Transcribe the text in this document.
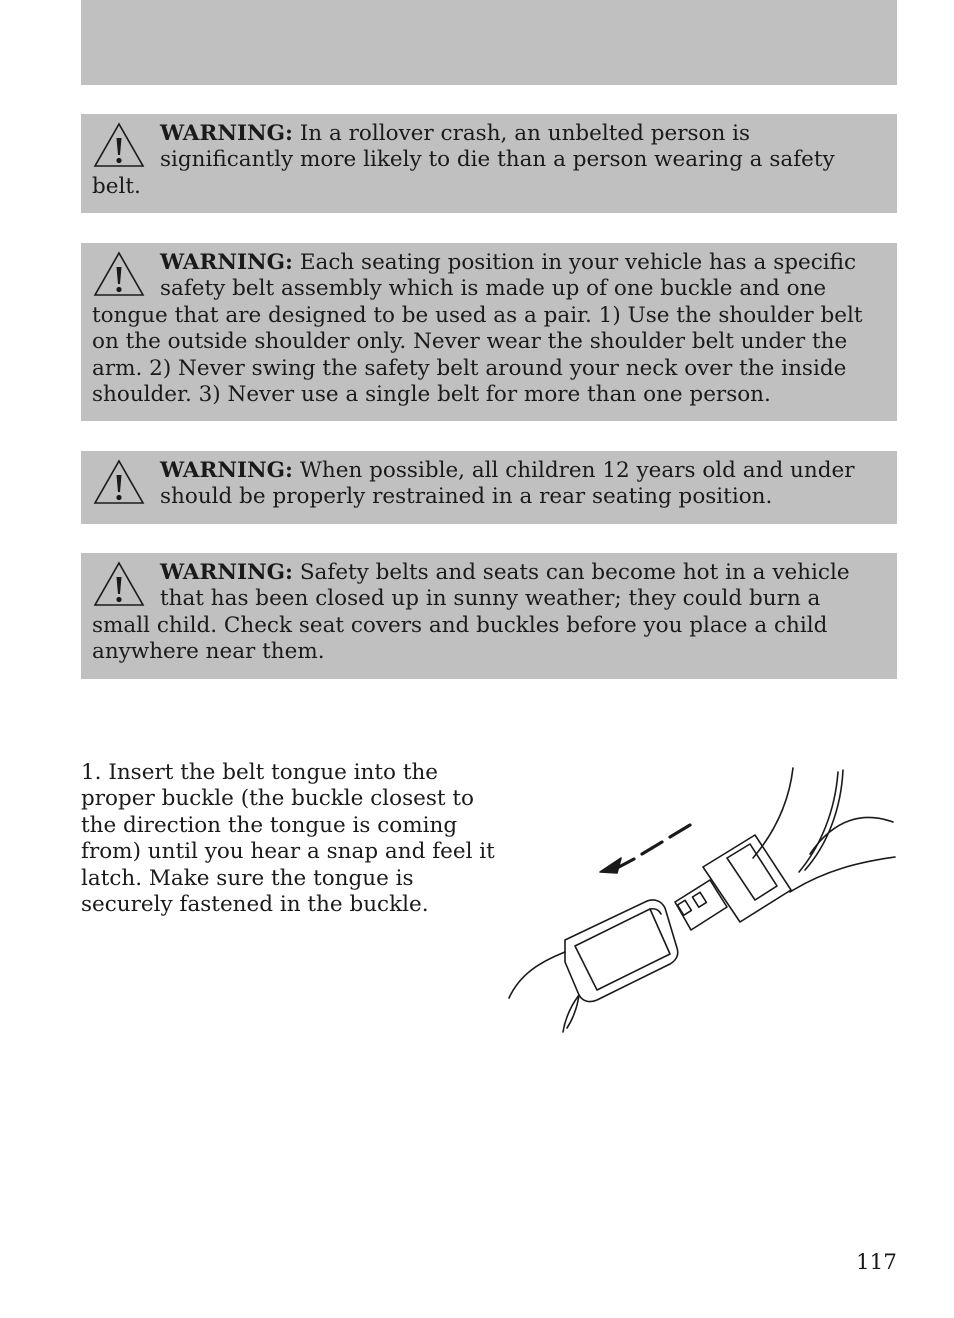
WARNING: In a rollover crash, an unbelted person is significantly more likely to die than a person wearing a safety belt.
WARNING: Each seating position in your vehicle has a specific safety belt assembly which is made up of one buckle and one tongue that are designed to be used as a pair. 1) Use the shoulder belt on the outside shoulder only. Never wear the shoulder belt under the arm. 2) Never swing the safety belt around your neck over the inside shoulder. 3) Never use a single belt for more than one person.
WARNING: When possible, all children 12 years old and under should be properly restrained in a rear seating position.
WARNING: Safety belts and seats can become hot in a vehicle that has been closed up in sunny weather; they could burn a small child. Check seat covers and buckles before you place a child anywhere near them.
1. Insert the belt tongue into the proper buckle (the buckle closest to the direction the tongue is coming from) until you hear a snap and feel it latch. Make sure the tongue is securely fastened in the buckle.
117
